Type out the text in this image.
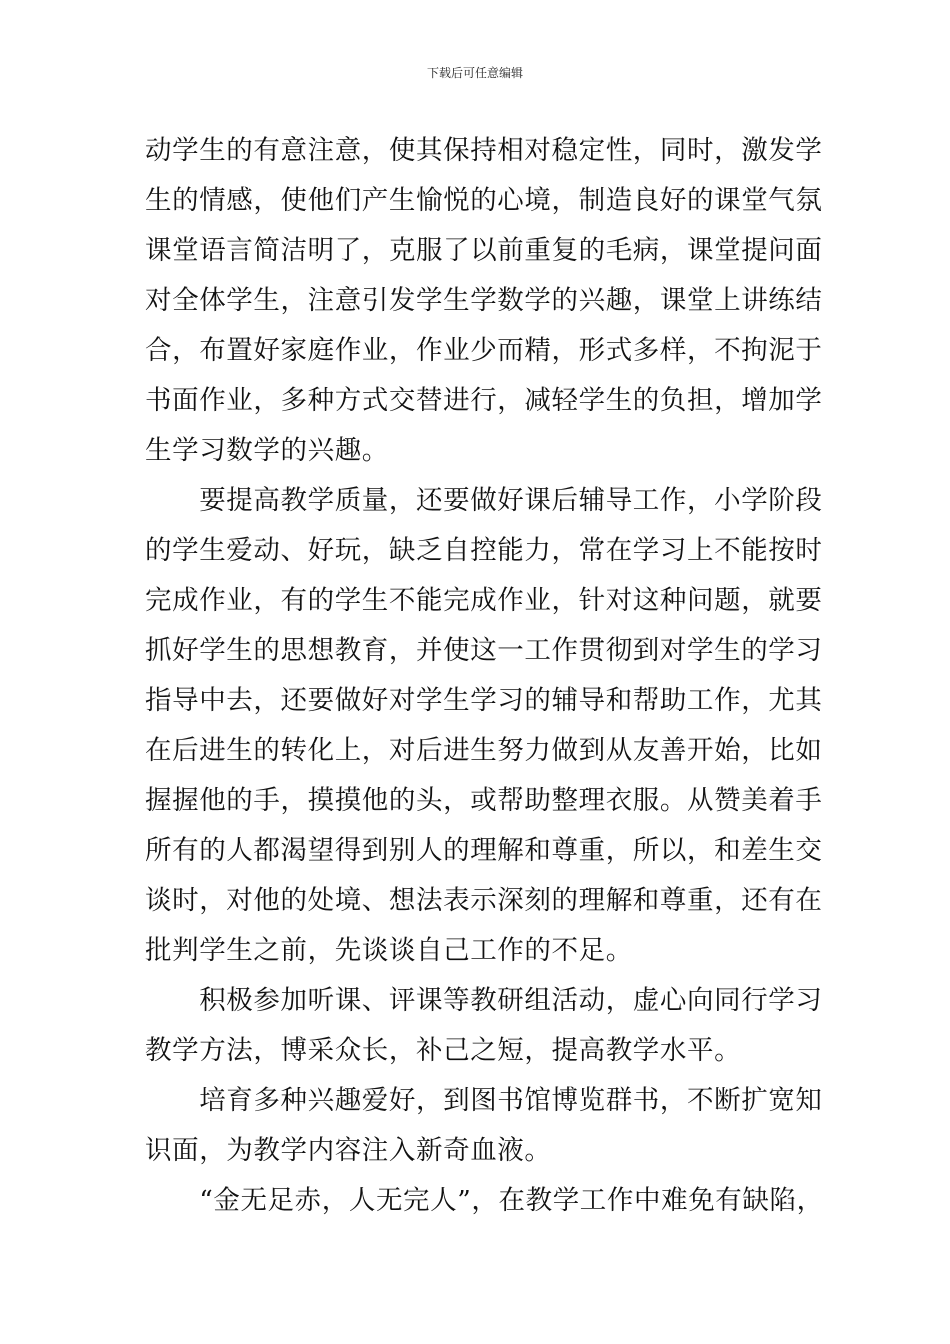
下载后可任意编辑
动学生的有意注意，使其保持相对稳定性，同时，激发学
生的情感，使他们产生愉悦的心境，制造良好的课堂气氛
课堂语言简洁明了，克服了以前重复的毛病，课堂提问面
对全体学生，注意引发学生学数学的兴趣，课堂上讲练结
合，布置好家庭作业，作业少而精，形式多样，不拘泥于
书面作业，多种方式交替进行，减轻学生的负担，增加学
生学习数学的兴趣。
　　要提高教学质量，还要做好课后辅导工作，小学阶段
的学生爱动、好玩，缺乏自控能力，常在学习上不能按时
完成作业，有的学生不能完成作业，针对这种问题，就要
抓好学生的思想教育，并使这一工作贯彻到对学生的学习
指导中去，还要做好对学生学习的辅导和帮助工作，尤其
在后进生的转化上，对后进生努力做到从友善开始，比如
握握他的手，摸摸他的头，或帮助整理衣服。从赞美着手
所有的人都渴望得到别人的理解和尊重，所以，和差生交
谈时，对他的处境、想法表示深刻的理解和尊重，还有在
批判学生之前，先谈谈自己工作的不足。
　　积极参加听课、评课等教研组活动，虚心向同行学习
教学方法，博采众长，补己之短，提高教学水平。
　　培育多种兴趣爱好，到图书馆博览群书，不断扩宽知
识面，为教学内容注入新奇血液。
　　“金无足赤，人无完人”，在教学工作中难免有缺陷，
